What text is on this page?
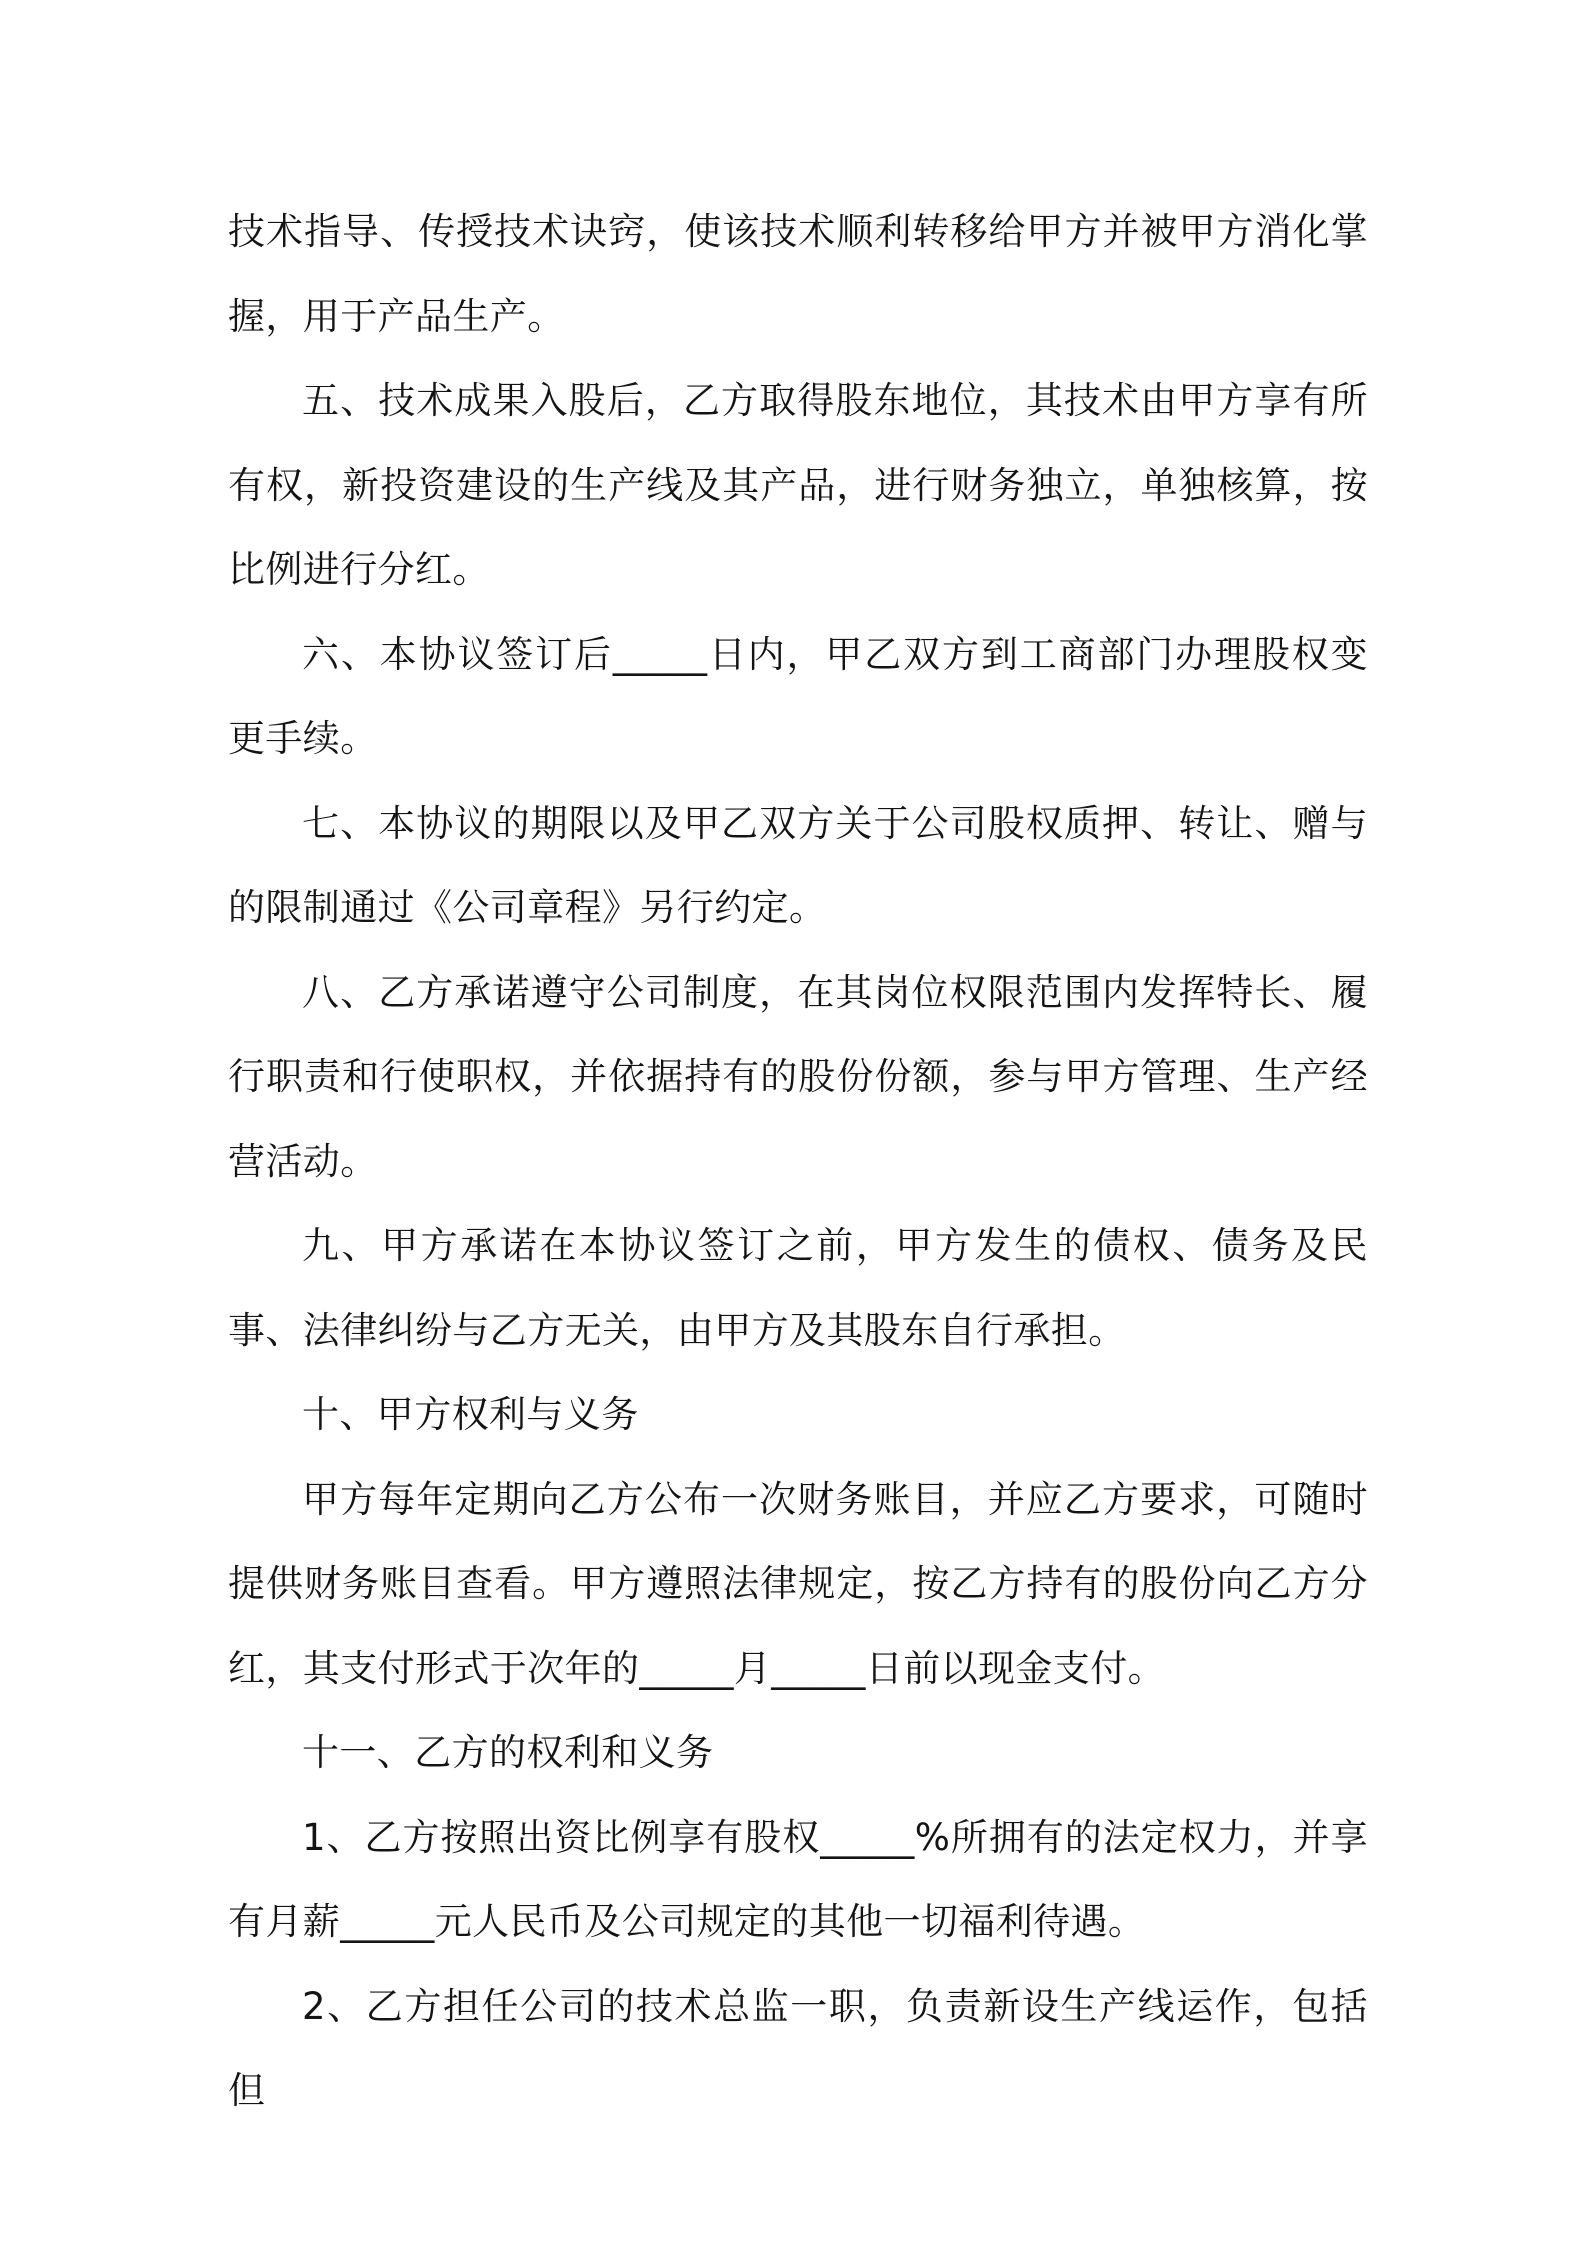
技术指导、传授技术诀窍，使该技术顺利转移给甲方并被甲方消化掌握，用于产品生产。

五、技术成果入股后，乙方取得股东地位，其技术由甲方享有所有权，新投资建设的生产线及其产品，进行财务独立，单独核算，按比例进行分红。

六、本协议签订后_____日内，甲乙双方到工商部门办理股权变更手续。

七、本协议的期限以及甲乙双方关于公司股权质押、转让、赠与的限制通过《公司章程》另行约定。

八、乙方承诺遵守公司制度，在其岗位权限范围内发挥特长、履行职责和行使职权，并依据持有的股份份额，参与甲方管理、生产经营活动。

九、甲方承诺在本协议签订之前，甲方发生的债权、债务及民事、法律纠纷与乙方无关，由甲方及其股东自行承担。

十、甲方权利与义务

甲方每年定期向乙方公布一次财务账目，并应乙方要求，可随时提供财务账目查看。甲方遵照法律规定，按乙方持有的股份向乙方分红，其支付形式于次年的_____月_____日前以现金支付。

十一、乙方的权利和义务

1、乙方按照出资比例享有股权_____%所拥有的法定权力，并享有月薪_____元人民币及公司规定的其他一切福利待遇。

2、乙方担任公司的技术总监一职，负责新设生产线运作，包括但
